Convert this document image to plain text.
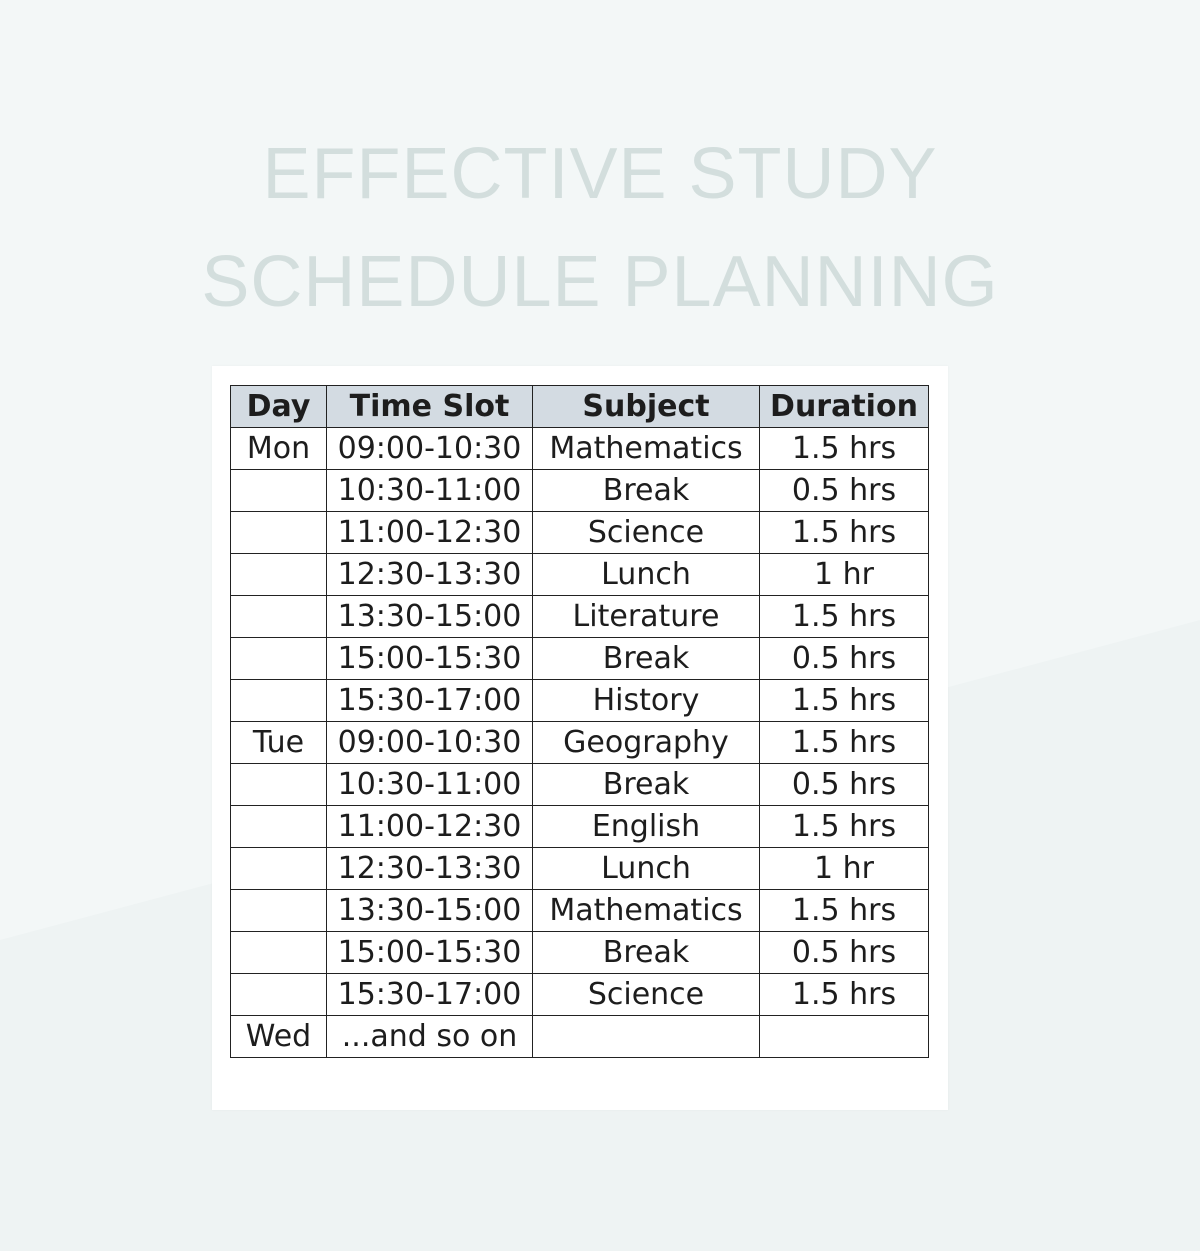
EFFECTIVE STUDY
SCHEDULE PLANNING
Day	Time Slot	Subject	Duration
Mon	09:00-10:30	Mathematics	1.5 hrs
	10:30-11:00	Break	0.5 hrs
	11:00-12:30	Science	1.5 hrs
	12:30-13:30	Lunch	1 hr
	13:30-15:00	Literature	1.5 hrs
	15:00-15:30	Break	0.5 hrs
	15:30-17:00	History	1.5 hrs
Tue	09:00-10:30	Geography	1.5 hrs
	10:30-11:00	Break	0.5 hrs
	11:00-12:30	English	1.5 hrs
	12:30-13:30	Lunch	1 hr
	13:30-15:00	Mathematics	1.5 hrs
	15:00-15:30	Break	0.5 hrs
	15:30-17:00	Science	1.5 hrs
Wed	...and so on		
